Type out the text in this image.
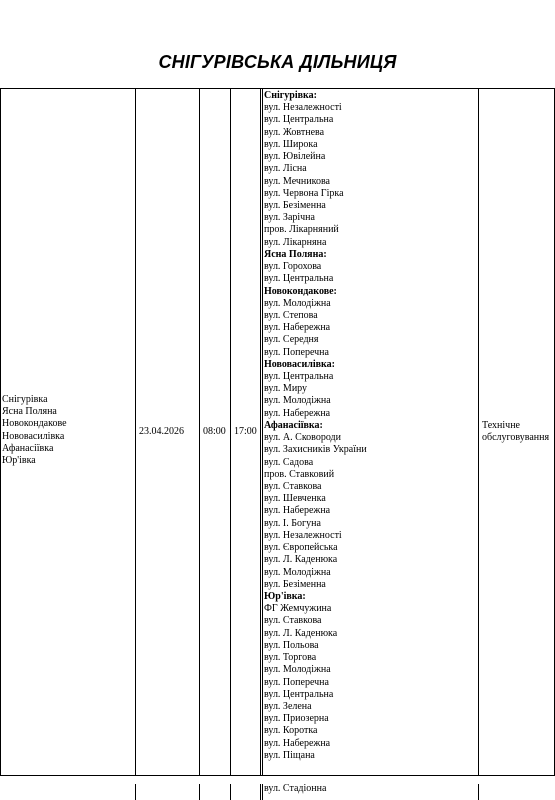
СНІГУРІВСЬКА ДІЛЬНИЦЯ
Снігурівка
Ясна Поляна
Новокондакове
Нововасилівка
Афанасіївка
Юр'івка
23.04.2026 08:00 17:00
Снігурівка:
вул. Незалежності
вул. Центральна
вул. Жовтнева
вул. Широка
вул. Ювілейна
вул. Лісна
вул. Мечникова
вул. Червона Гірка
вул. Безіменна
вул. Зарічна
пров. Лікарняний
вул. Лікарняна
Ясна Поляна:
вул. Горохова
вул. Центральна
Новокондакове:
вул. Молодіжна
вул. Степова
вул. Набережна
вул. Середня
вул. Поперечна
Нововасилівка:
вул. Центральна
вул. Миру
вул. Молодіжна
вул. Набережна
Афанасіївка:
вул. А. Сковороди
вул. Захисників України
вул. Садова
пров. Ставковий
вул. Ставкова
вул. Шевченка
вул. Набережна
вул. І. Богуна
вул. Незалежності
вул. Європейська
вул. Л. Каденюка
вул. Молодіжна
вул. Безіменна
Юр'івка:
ФГ Жемчужина
вул. Ставкова
вул. Л. Каденюка
вул. Польова
вул. Торгова
вул. Молодіжна
вул. Поперечна
вул. Центральна
вул. Зелена
вул. Приозерна
вул. Коротка
вул. Набережна
вул. Піщана
Технічне
обслуговування
вул. Стадіонна
